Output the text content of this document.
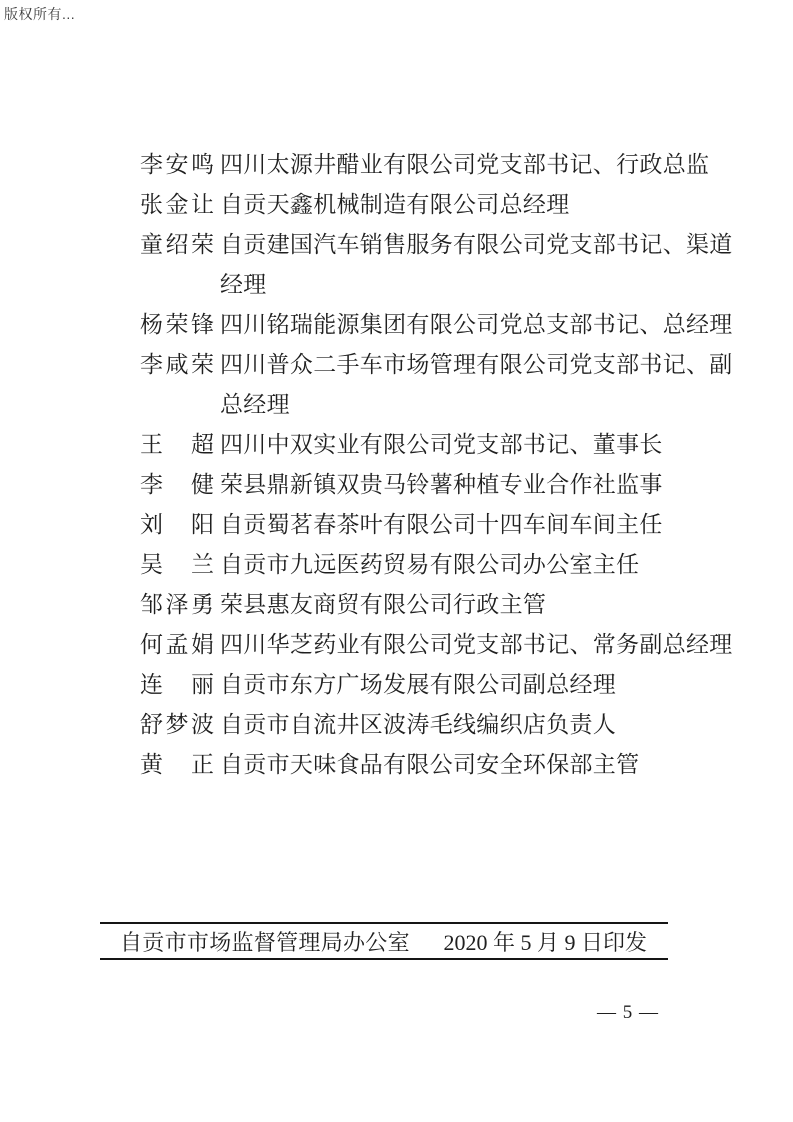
版权所有...
李 安 鸣 四川太源井醋业有限公司党支部书记、行政总监
张 金 让 自贡天鑫机械制造有限公司总经理
童 绍 荣 自贡建国汽车销售服务有限公司党支部书记、渠道
经理
杨 荣 锋 四川铭瑞能源集团有限公司党总支部书记、总经理
李 咸 荣 四川普众二手车市场管理有限公司党支部书记、副
总经理
王 超 四川中双实业有限公司党支部书记、董事长
李 健 荣县鼎新镇双贵马铃薯种植专业合作社监事
刘 阳 自贡蜀茗春茶叶有限公司十四车间车间主任
吴 兰 自贡市九远医药贸易有限公司办公室主任
邹 泽 勇 荣县惠友商贸有限公司行政主管
何 孟 娟 四川华芝药业有限公司党支部书记、常务副总经理
连 丽 自贡市东方广场发展有限公司副总经理
舒 梦 波 自贡市自流井区波涛毛线编织店负责人
黄 正 自贡市天味食品有限公司安全环保部主管
自贡市市场监督管理局办公室 2020 年 5 月 9 日印发
— 5 —
